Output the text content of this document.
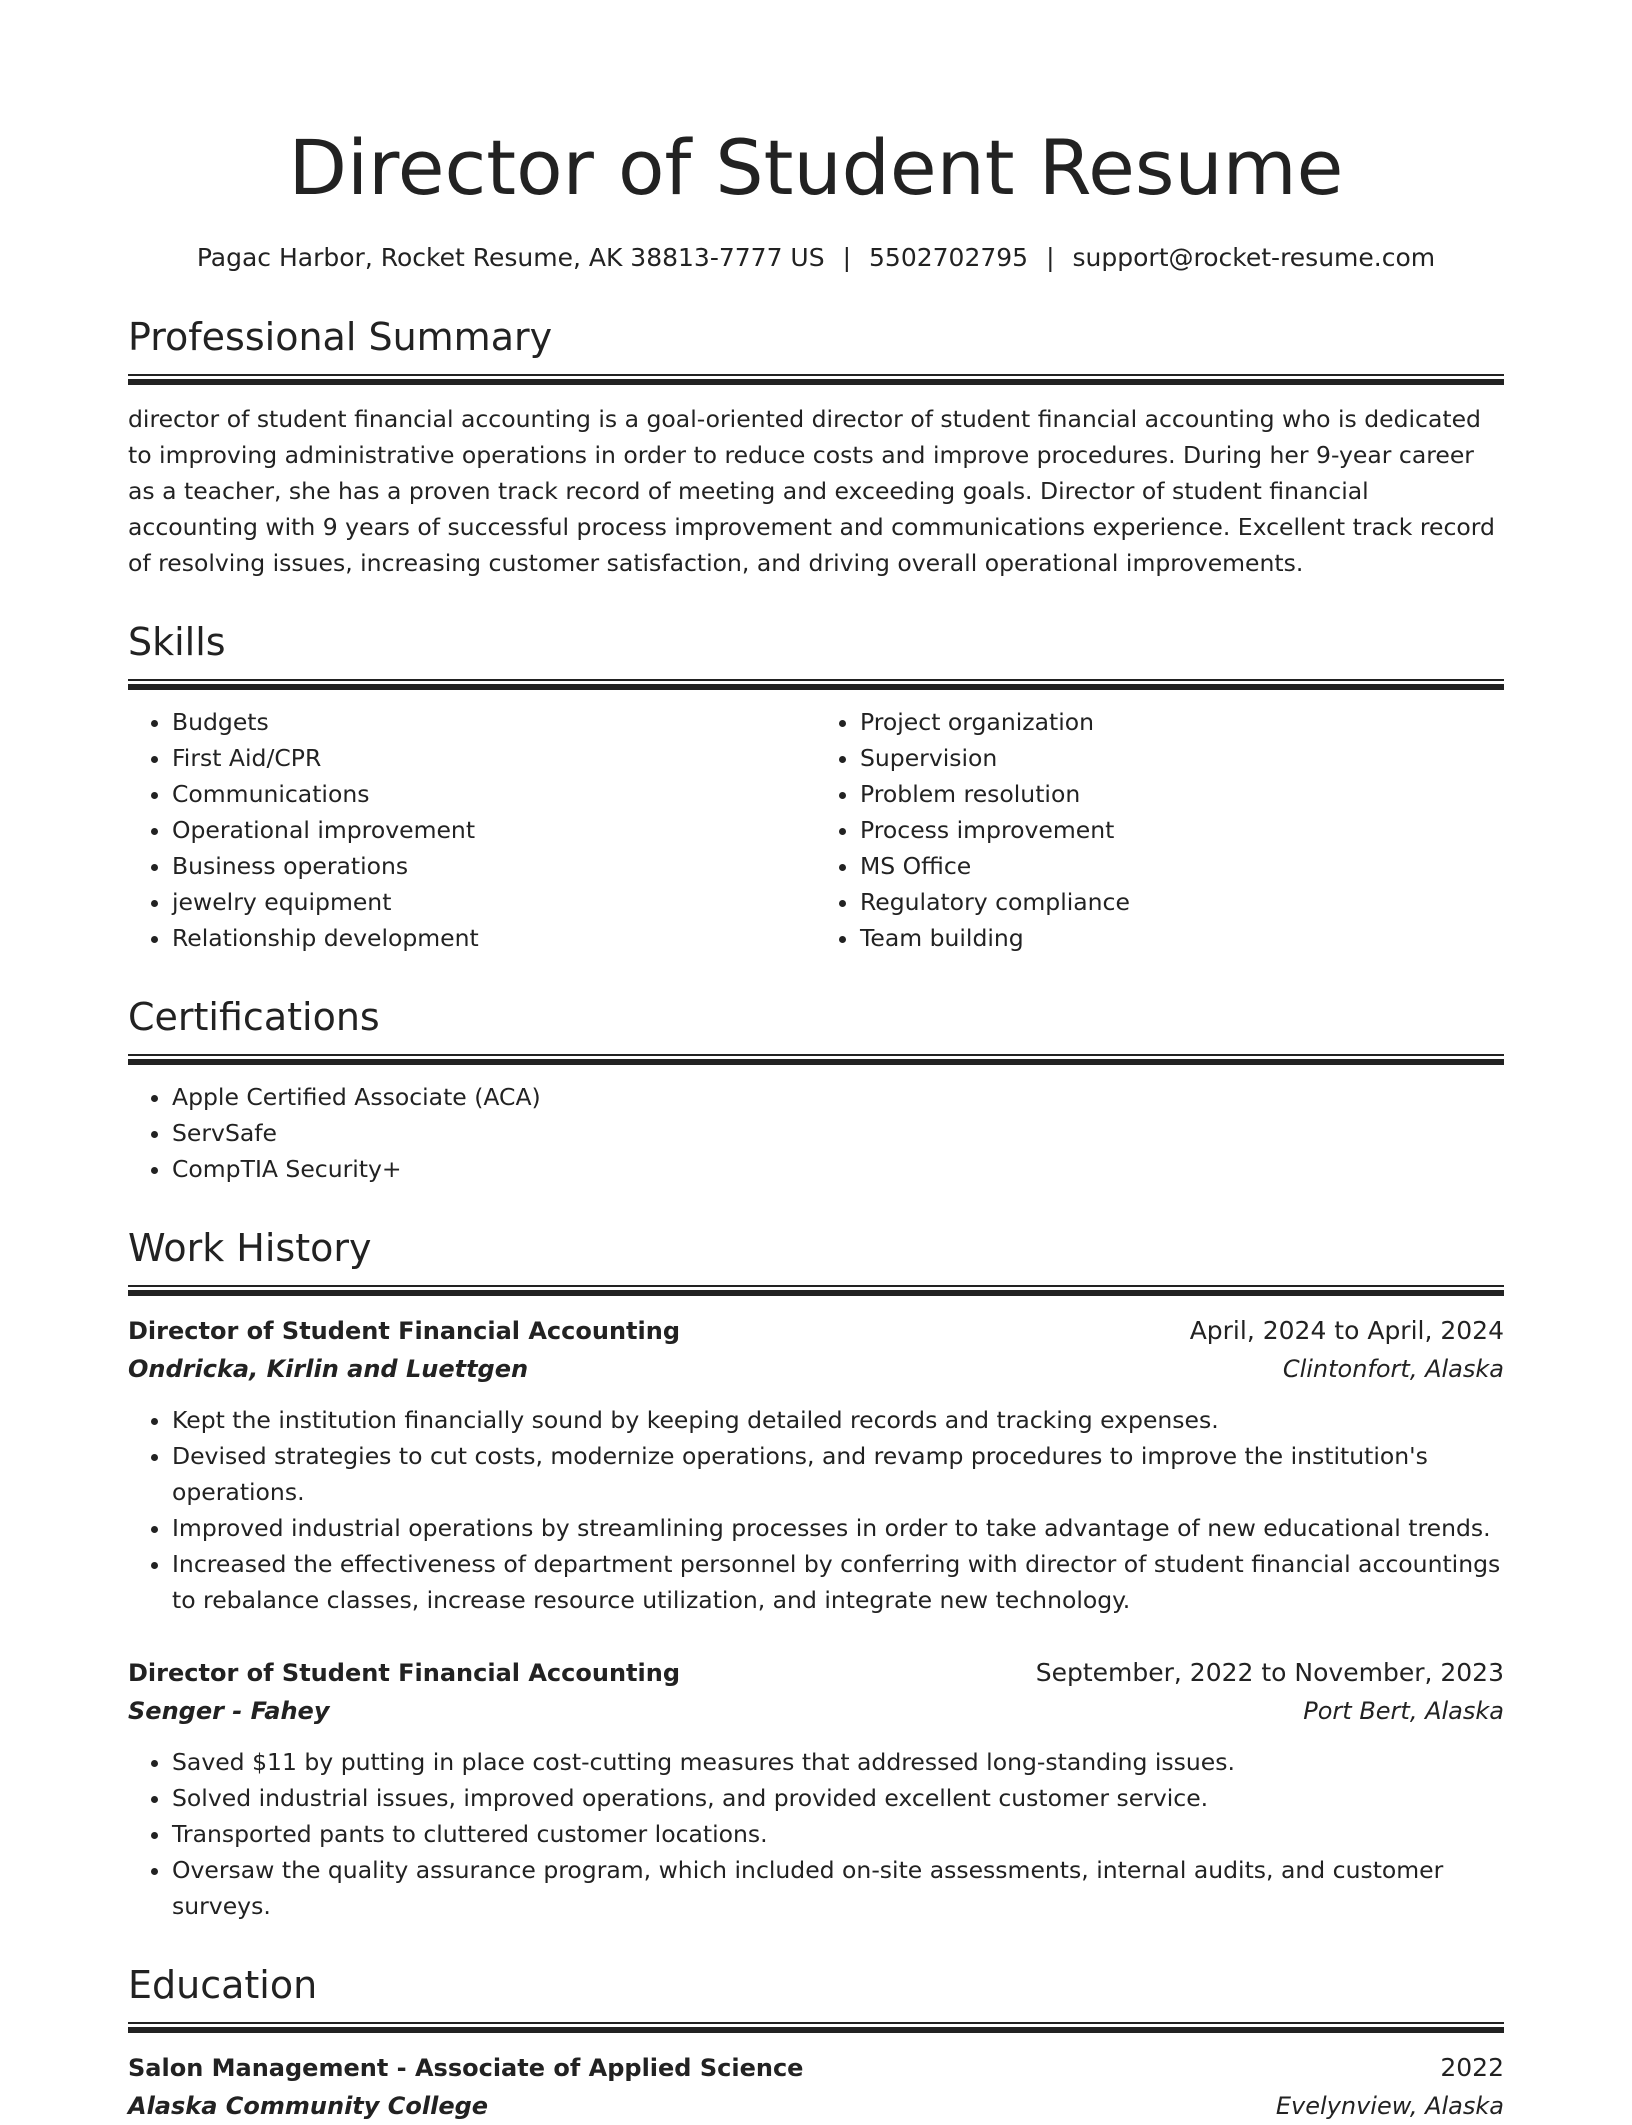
Director of Student Resume
Pagac Harbor, Rocket Resume, AK 38813-7777 US | 5502702795 | support@rocket-resume.com
Professional Summary
director of student financial accounting is a goal-oriented director of student financial accounting who is dedicated to improving administrative operations in order to reduce costs and improve procedures. During her 9-year career as a teacher, she has a proven track record of meeting and exceeding goals. Director of student financial accounting with 9 years of successful process improvement and communications experience. Excellent track record of resolving issues, increasing customer satisfaction, and driving overall operational improvements.
Skills
• Budgets
• First Aid/CPR
• Communications
• Operational improvement
• Business operations
• jewelry equipment
• Relationship development
• Project organization
• Supervision
• Problem resolution
• Process improvement
• MS Office
• Regulatory compliance
• Team building
Certifications
• Apple Certified Associate (ACA)
• ServSafe
• CompTIA Security+
Work History
Director of Student Financial Accounting	April, 2024 to April, 2024
Ondricka, Kirlin and Luettgen	Clintonfort, Alaska
• Kept the institution financially sound by keeping detailed records and tracking expenses.
• Devised strategies to cut costs, modernize operations, and revamp procedures to improve the institution's operations.
• Improved industrial operations by streamlining processes in order to take advantage of new educational trends.
• Increased the effectiveness of department personnel by conferring with director of student financial accountings to rebalance classes, increase resource utilization, and integrate new technology.
Director of Student Financial Accounting	September, 2022 to November, 2023
Senger - Fahey	Port Bert, Alaska
• Saved $11 by putting in place cost-cutting measures that addressed long-standing issues.
• Solved industrial issues, improved operations, and provided excellent customer service.
• Transported pants to cluttered customer locations.
• Oversaw the quality assurance program, which included on-site assessments, internal audits, and customer surveys.
Education
Salon Management - Associate of Applied Science	2022
Alaska Community College	Evelynview, Alaska
